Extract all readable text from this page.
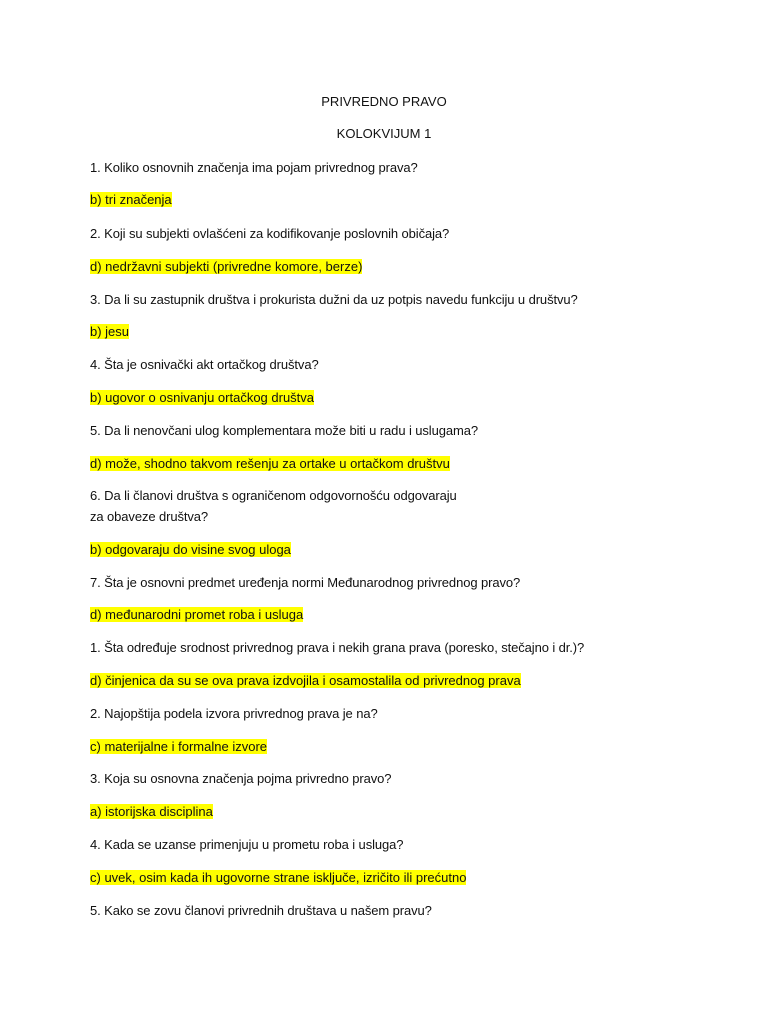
PRIVREDNO PRAVO
KOLOKVIJUM 1
1. Koliko osnovnih značenja ima pojam privrednog prava?
b) tri značenja
2. Koji su subjekti ovlašćeni za kodifikovanje poslovnih običaja?
d) nedržavni subjekti (privredne komore, berze)
3. Da li su zastupnik društva i prokurista dužni da uz potpis navedu funkciju u društvu?
b) jesu
4. Šta je osnivački akt ortačkog društva?
b) ugovor o osnivanju ortačkog društva
5. Da li nenovčani ulog komplementara može biti u radu i uslugama?
d) može, shodno takvom rešenju za ortake u ortačkom društvu
6. Da li članovi društva s ograničenom odgovornošću odgovaraju
za obaveze društva?
b) odgovaraju do visine svog uloga
7. Šta je osnovni predmet uređenja normi Međunarodnog privrednog pravo?
d) međunarodni promet roba i usluga
1. Šta određuje srodnost privrednog prava i nekih grana prava (poresko, stečajno i dr.)?
d) činjenica da su se ova prava izdvojila i osamostalila od privrednog prava
2. Najopštija podela izvora privrednog prava je na?
c) materijalne i formalne izvore
3. Koja su osnovna značenja pojma privredno pravo?
a) istorijska disciplina
4. Kada se uzanse primenjuju u prometu roba i usluga?
c) uvek, osim kada ih ugovorne strane isključe, izričito ili prećutno
5. Kako se zovu članovi privrednih društava u našem pravu?
